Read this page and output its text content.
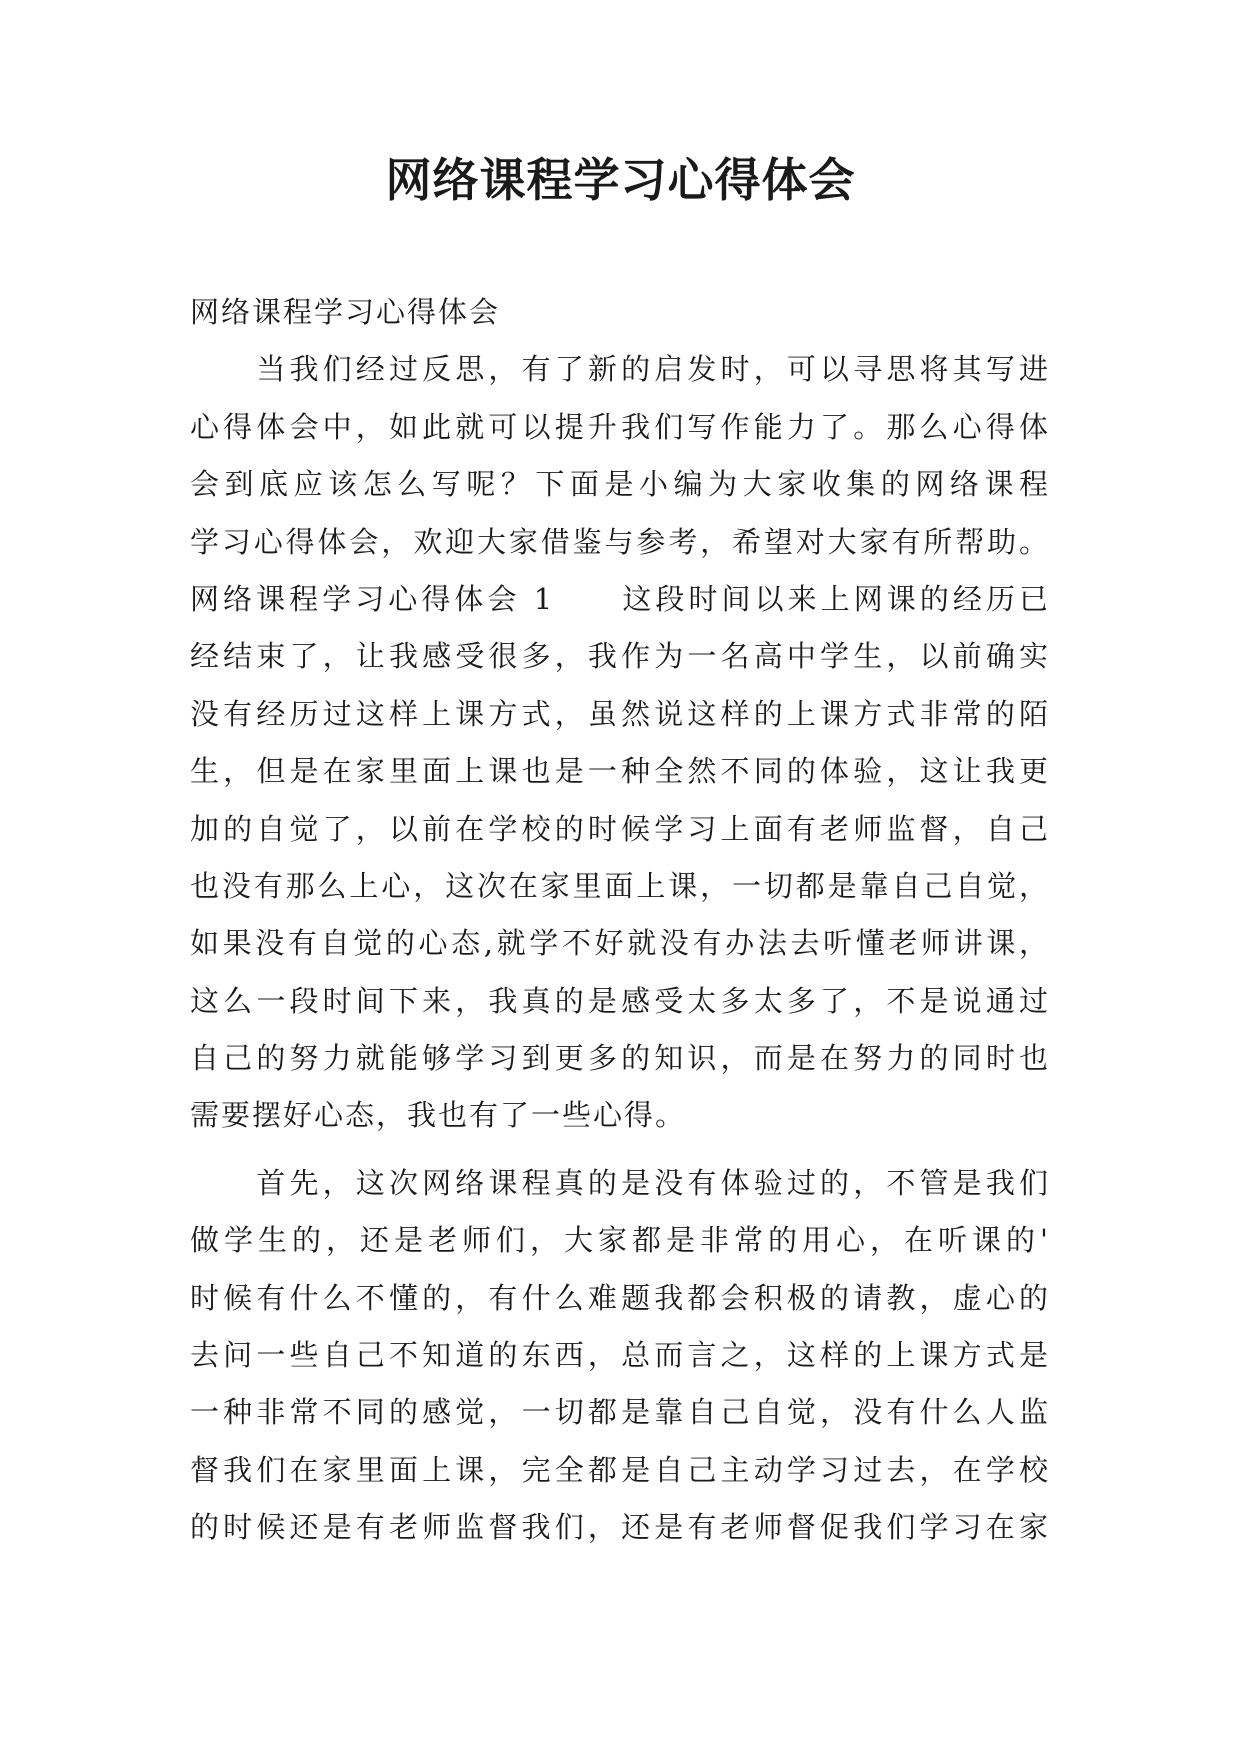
网络课程学习心得体会
网络课程学习心得体会
　　当我们经过反思，有了新的启发时，可以寻思将其写进
心得体会中，如此就可以提升我们写作能力了。那么心得体
会到底应该怎么写呢？下面是小编为大家收集的网络课程
学习心得体会，欢迎大家借鉴与参考，希望对大家有所帮助。
网络课程学习心得体会 1　　这段时间以来上网课的经历已
经结束了，让我感受很多，我作为一名高中学生，以前确实
没有经历过这样上课方式，虽然说这样的上课方式非常的陌
生，但是在家里面上课也是一种全然不同的体验，这让我更
加的自觉了，以前在学校的时候学习上面有老师监督，自己
也没有那么上心，这次在家里面上课，一切都是靠自己自觉，
如果没有自觉的心态,就学不好就没有办法去听懂老师讲课，
这么一段时间下来，我真的是感受太多太多了，不是说通过
自己的努力就能够学习到更多的知识，而是在努力的同时也
需要摆好心态，我也有了一些心得。
　　首先，这次网络课程真的是没有体验过的，不管是我们
做学生的，还是老师们，大家都是非常的用心，在听课的'
时候有什么不懂的，有什么难题我都会积极的请教，虚心的
去问一些自己不知道的东西，总而言之，这样的上课方式是
一种非常不同的感觉，一切都是靠自己自觉，没有什么人监
督我们在家里面上课，完全都是自己主动学习过去，在学校
的时候还是有老师监督我们，还是有老师督促我们学习在家
